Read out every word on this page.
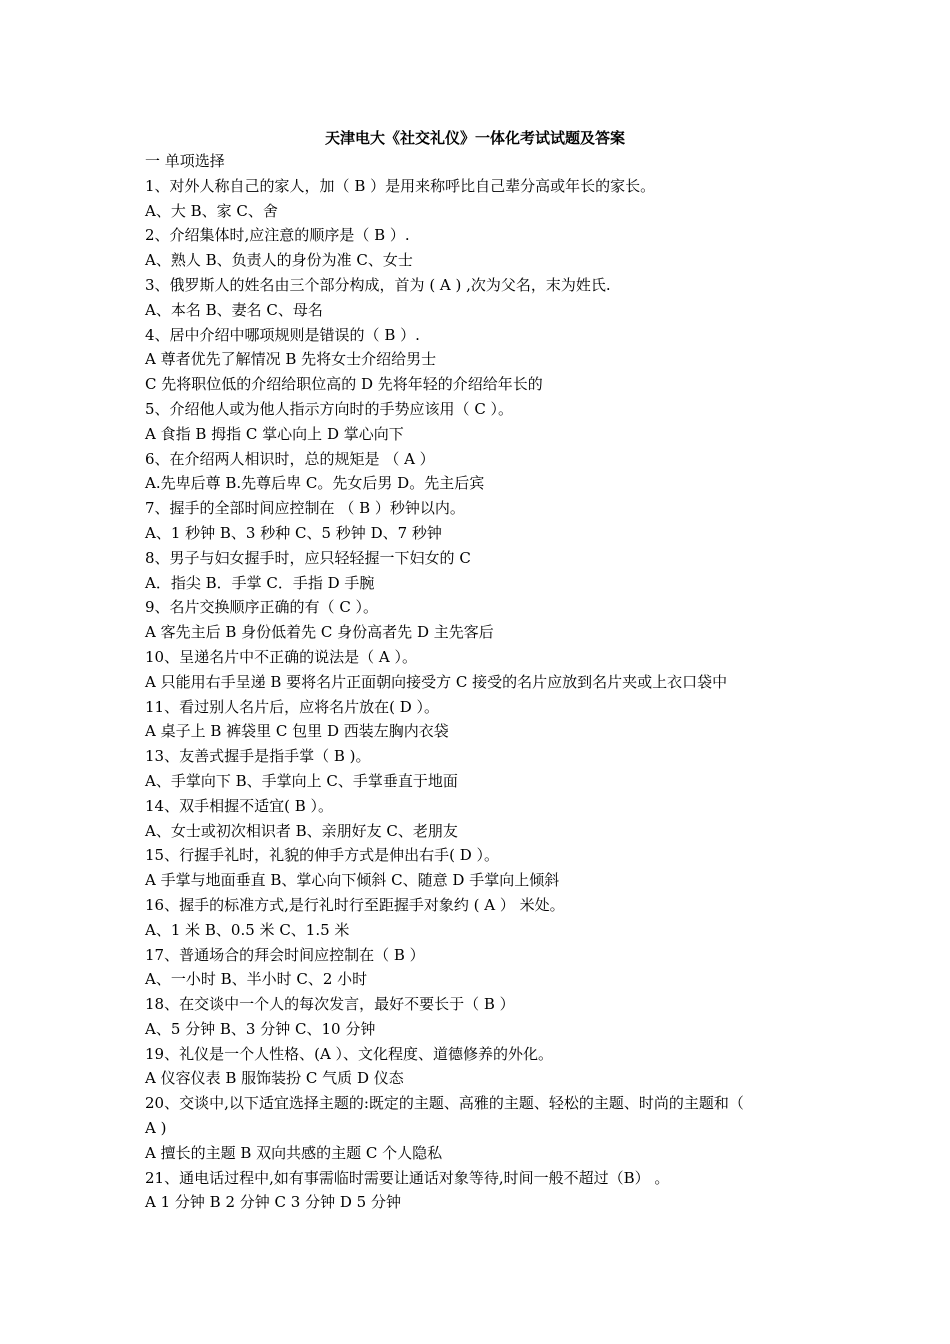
天津电大《社交礼仪》一体化考试试题及答案
一 单项选择
1、对外人称自己的家人，加（ B ）是用来称呼比自己辈分高或年长的家长。
A、大 B、家 C、舍
2、介绍集体时,应注意的顺序是（ B ）.
A、熟人 B、负责人的身份为准 C、女士
3、俄罗斯人的姓名由三个部分构成，首为 ( A ) ,次为父名，末为姓氏.
A、本名 B、妻名 C、母名
4、居中介绍中哪项规则是错误的（ B ）.
A 尊者优先了解情况 B 先将女士介绍给男士
C 先将职位低的介绍给职位高的 D 先将年轻的介绍给年长的
5、介绍他人或为他人指示方向时的手势应该用（ C ）。
A 食指 B 拇指 C 掌心向上 D 掌心向下
6、在介绍两人相识时，总的规矩是 （ A ）
A.先卑后尊 B.先尊后卑 C。先女后男 D。先主后宾
7、握手的全部时间应控制在 （ B ）秒钟以内。
A、1 秒钟 B、3 秒种 C、5 秒钟 D、7 秒钟
8、男子与妇女握手时，应只轻轻握一下妇女的 C
A．指尖 B．手掌 C．手指 D 手腕
9、名片交换顺序正确的有（ C ）。
A 客先主后 B 身份低着先 C 身份高者先 D 主先客后
10、呈递名片中不正确的说法是（ A ）。
A 只能用右手呈递 B 要将名片正面朝向接受方 C 接受的名片应放到名片夹或上衣口袋中
11、看过别人名片后，应将名片放在( D ）。
A 桌子上 B 裤袋里 C 包里 D 西装左胸内衣袋
13、友善式握手是指手掌（ B )。
A、手掌向下 B、手掌向上 C、手掌垂直于地面
14、双手相握不适宜( B ）。
A、女士或初次相识者 B、亲朋好友 C、老朋友
15、行握手礼时，礼貌的伸手方式是伸出右手( D ）。
A 手掌与地面垂直 B、掌心向下倾斜 C、随意 D 手掌向上倾斜
16、握手的标准方式,是行礼时行至距握手对象约 ( A ） 米处。
A、1 米 B、0.5 米 C、1.5 米
17、普通场合的拜会时间应控制在（ B ）
A、一小时 B、半小时 C、2 小时
18、在交谈中一个人的每次发言，最好不要长于（ B ）
A、5 分钟 B、3 分钟 C、10 分钟
19、礼仪是一个人性格、(A ）、文化程度、道德修养的外化。
A 仪容仪表 B 服饰装扮 C 气质 D 仪态
20、交谈中,以下适宜选择主题的:既定的主题、高雅的主题、轻松的主题、时尚的主题和（
A )
A 擅长的主题 B 双向共感的主题 C 个人隐私
21、通电话过程中,如有事需临时需要让通话对象等待,时间一般不超过（B） 。
A 1 分钟 B 2 分钟 C 3 分钟 D 5 分钟
